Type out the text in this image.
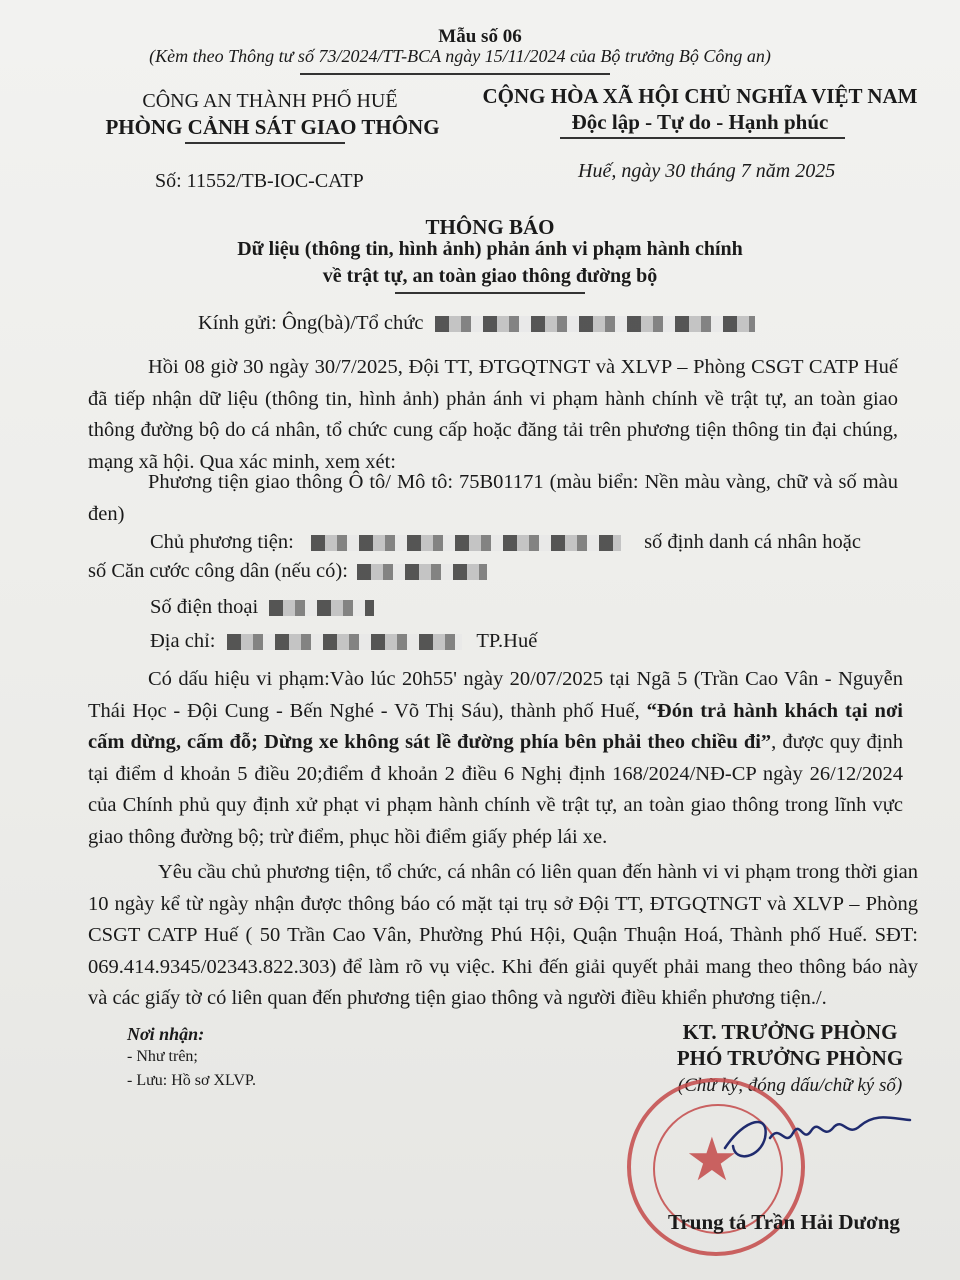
Mẫu số 06
(Kèm theo Thông tư số 73/2024/TT-BCA ngày 15/11/2024 của Bộ trưởng Bộ Công an)
CÔNG AN THÀNH PHỐ HUẾ
PHÒNG CẢNH SÁT GIAO THÔNG
CỘNG HÒA XÃ HỘI CHỦ NGHĨA VIỆT NAM
Độc lập - Tự do - Hạnh phúc
Số: 11552/TB-IOC-CATP	Huế, ngày 30 tháng 7 năm 2025
THÔNG BÁO
Dữ liệu (thông tin, hình ảnh) phản ánh vi phạm hành chính
về trật tự, an toàn giao thông đường bộ
Kính gửi: Ông(bà)/Tổ chức
Hồi 08 giờ 30 ngày 30/7/2025, Đội TT, ĐTGQTNGT và XLVP – Phòng CSGT CATP Huế đã tiếp nhận dữ liệu (thông tin, hình ảnh) phản ánh vi phạm hành chính về trật tự, an toàn giao thông đường bộ do cá nhân, tổ chức cung cấp hoặc đăng tải trên phương tiện thông tin đại chúng, mạng xã hội. Qua xác minh, xem xét:
Phương tiện giao thông Ô tô/ Mô tô: 75B01171 (màu biển: Nền màu vàng, chữ và số màu đen)
Chủ phương tiện:	số định danh cá nhân hoặc
số Căn cước công dân (nếu có):
Số điện thoại
Địa chỉ:	TP.Huế
Có dấu hiệu vi phạm:Vào lúc 20h55' ngày 20/07/2025 tại Ngã 5 (Trần Cao Vân - Nguyễn Thái Học - Đội Cung - Bến Nghé - Võ Thị Sáu), thành phố Huế, “Đón trả hành khách tại nơi cấm dừng, cấm đỗ; Dừng xe không sát lề đường phía bên phải theo chiều đi”, được quy định tại điểm d khoản 5 điều 20;điểm đ khoản 2 điều 6 Nghị định 168/2024/NĐ-CP ngày 26/12/2024 của Chính phủ quy định xử phạt vi phạm hành chính về trật tự, an toàn giao thông trong lĩnh vực giao thông đường bộ; trừ điểm, phục hồi điểm giấy phép lái xe.
Yêu cầu chủ phương tiện, tổ chức, cá nhân có liên quan đến hành vi vi phạm trong thời gian 10 ngày kể từ ngày nhận được thông báo có mặt tại trụ sở Đội TT, ĐTGQTNGT và XLVP – Phòng CSGT CATP Huế ( 50 Trần Cao Vân, Phường Phú Hội, Quận Thuận Hoá, Thành phố Huế. SĐT: 069.414.9345/02343.822.303) để làm rõ vụ việc. Khi đến giải quyết phải mang theo thông báo này và các giấy tờ có liên quan đến phương tiện giao thông và người điều khiển phương tiện./.
Nơi nhận:
- Như trên;
- Lưu: Hồ sơ XLVP.
KT. TRƯỞNG PHÒNG
PHÓ TRƯỞNG PHÒNG
(Chữ ký, đóng dấu/chữ ký số)
★
Trung tá Trần Hải Dương
